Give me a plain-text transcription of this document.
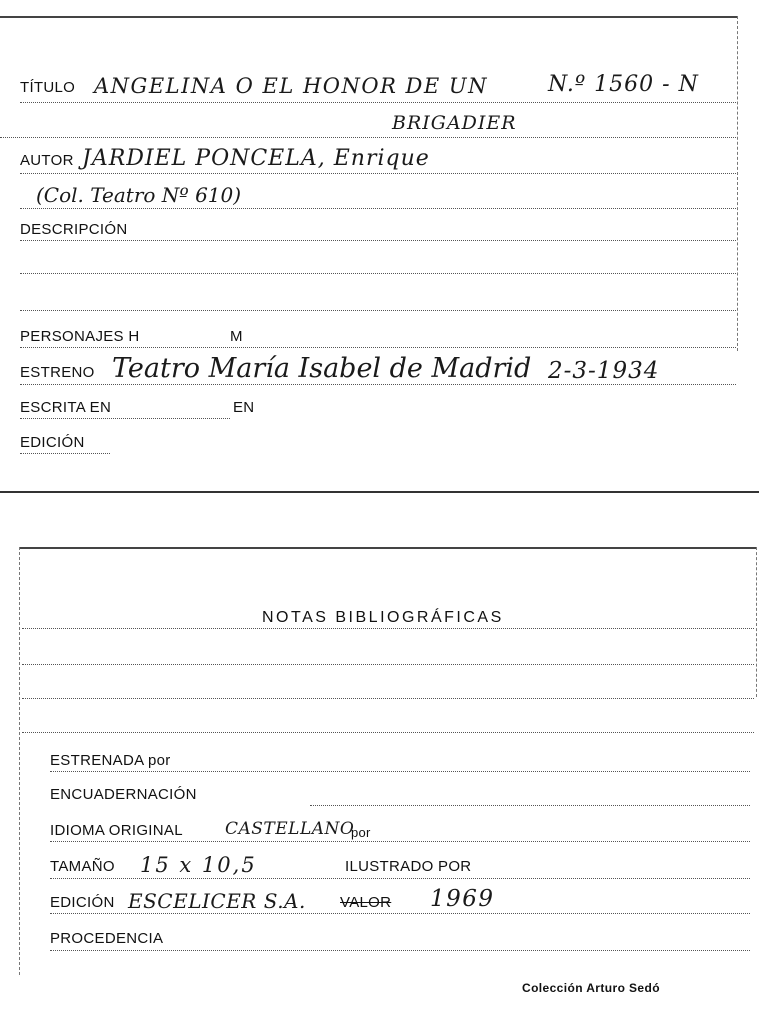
TÍTULO ANGELINA O EL HONOR DE UN	N.º 1560 - N
BRIGADIER
AUTOR JARDIEL PONCELA, Enrique
(Col. Teatro Nº 610)
DESCRIPCIÓN
PERSONAJES H	M
ESTRENO Teatro María Isabel de Madrid 2-3-1934
ESCRITA EN	EN
EDICIÓN
NOTAS BIBLIOGRÁFICAS
ESTRENADA por
ENCUADERNACIÓN
IDIOMA ORIGINAL CASTELLANO
por
TAMAÑO 15 x 10,5	ILUSTRADO POR
EDICIÓN ESCELICER S.A. VALOR 1969
PROCEDENCIA
Colección Arturo Sedó
